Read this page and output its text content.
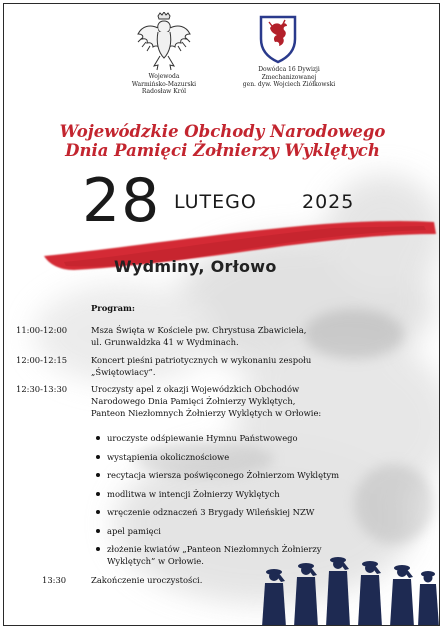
Wojewoda
Warmińsko-Mazurski
Radosław Król
Dowódca 16 Dywizji
Zmechanizowanej
gen. dyw. Wojciech Ziółkowski
Wojewódzkie Obchody Narodowego
Dnia Pamięci Żołnierzy Wyklętych
28 LUTEGO 2025
Wydminy, Orłowo
Program:
11:00-12:00	Msza Święta w Kościele pw. Chrystusa Zbawiciela,
ul. Grunwaldzka 41 w Wydminach.
12:00-12:15	Koncert pieśni patriotycznych w wykonaniu zespołu
„Świętowiacy”.
12:30-13:30	Uroczysty apel z okazji Wojewódzkich Obchodów
Narodowego Dnia Pamięci Żołnierzy Wyklętych,
Panteon Niezłomnych Żołnierzy Wyklętych w Orłowie:
uroczyste odśpiewanie Hymnu Państwowego
wystąpienia okolicznościowe
recytacja wiersza poświęconego Żołnierzom Wyklętym
modlitwa w intencji Żołnierzy Wyklętych
wręczenie odznaczeń 3 Brygady Wileńskiej NZW
apel pamięci
złożenie kwiatów „Panteon Niezłomnych Żołnierzy Wyklętych” w Orłowie.
13:30	Zakończenie uroczystości.
